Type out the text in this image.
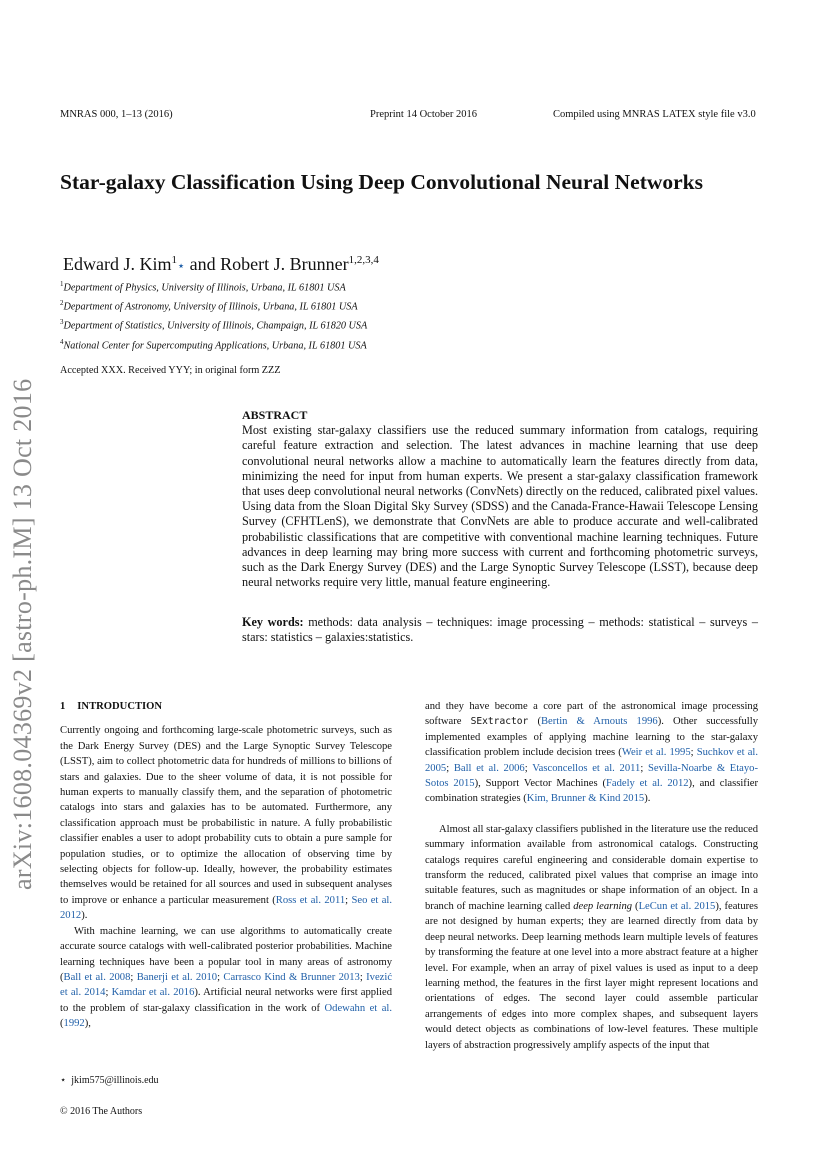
MNRAS 000, 1–13 (2016)	Preprint 14 October 2016	Compiled using MNRAS LATEX style file v3.0
Star-galaxy Classification Using Deep Convolutional Neural Networks
Edward J. Kim$^1$⋆ and Robert J. Brunner$^{1,2,3,4}$
$^1$Department of Physics, University of Illinois, Urbana, IL 61801 USA
$^2$Department of Astronomy, University of Illinois, Urbana, IL 61801 USA
$^3$Department of Statistics, University of Illinois, Champaign, IL 61820 USA
$^4$National Center for Supercomputing Applications, Urbana, IL 61801 USA
Accepted XXX. Received YYY; in original form ZZZ
ABSTRACT

Most existing star-galaxy classifiers use the reduced summary information from catalogs, requiring careful feature extraction and selection. The latest advances in machine learning that use deep convolutional neural networks allow a machine to automatically learn the features directly from data, minimizing the need for input from human experts. We present a star-galaxy classification framework that uses deep convolutional neural networks (ConvNets) directly on the reduced, calibrated pixel values. Using data from the Sloan Digital Sky Survey (SDSS) and the Canada-France-Hawaii Telescope Lensing Survey (CFHTLenS), we demonstrate that ConvNets are able to produce accurate and well-calibrated probabilistic classifications that are competitive with conventional machine learning techniques. Future advances in deep learning may bring more success with current and forthcoming photometric surveys, such as the Dark Energy Survey (DES) and the Large Synoptic Survey Telescope (LSST), because deep neural networks require very little, manual feature engineering.

Key words: methods: data analysis – techniques: image processing – methods: statistical – surveys – stars: statistics – galaxies:statistics.
arXiv:1608.04369v2 [astro-ph.IM] 13 Oct 2016 1 INTRODUCTION

Currently ongoing and forthcoming large-scale photometric surveys, such as the Dark Energy Survey (DES) and the Large Synoptic Survey Telescope (LSST), aim to collect photometric data for hundreds of millions to billions of stars and galaxies. Due to the sheer volume of data, it is not possible for human experts to manually classify them, and the separation of photometric catalogs into stars and galaxies has to be automated. Furthermore, any classification approach must be probabilistic in nature. A fully probabilistic classifier enables a user to adopt probability cuts to obtain a pure sample for population studies, or to optimize the allocation of observing time by selecting objects for follow-up. Ideally, however, the probability estimates themselves would be retained for all sources and used in subsequent analyses to improve or enhance a particular measurement (Ross et al. 2011; Seo et al. 2012).

With machine learning, we can use algorithms to automatically create accurate source catalogs with well-calibrated posterior probabilities. Machine learning techniques have been a popular tool in many areas of astronomy (Ball et al. 2008; Banerji et al. 2010; Carrasco Kind & Brunner 2013; Ivezić et al. 2014; Kamdar et al. 2016). Artificial neural networks were first applied to the problem of star-galaxy classification in the work of Odewahn et al. (1992),

and they have become a core part of the astronomical image processing software SExtractor (Bertin & Arnouts 1996). Other successfully implemented examples of applying machine learning to the star-galaxy classification problem include decision trees (Weir et al. 1995; Suchkov et al. 2005; Ball et al. 2006; Vasconcellos et al. 2011; Sevilla-Noarbe & Etayo-Sotos 2015), Support Vector Machines (Fadely et al. 2012), and classifier combination strategies (Kim, Brunner & Kind 2015).

Almost all star-galaxy classifiers published in the literature use the reduced summary information available from astronomical catalogs. Constructing catalogs requires careful engineering and considerable domain expertise to transform the reduced, calibrated pixel values that comprise an image into suitable features, such as magnitudes or shape information of an object. In a branch of machine learning called deep learning (LeCun et al. 2015), features are not designed by human experts; they are learned directly from data by deep neural networks. Deep learning methods learn multiple levels of features by transforming the feature at one level into a more abstract feature at a higher level. For example, when an array of pixel values is used as input to a deep learning method, the features in the first layer might represent locations and orientations of edges. The second layer could assemble particular arrangements of edges into more complex shapes, and subsequent layers would detect objects as combinations of low-level features. These multiple layers of abstraction progressively amplify aspects of the input that

⋆ jkim575@illinois.edu
© 2016 The Authors
